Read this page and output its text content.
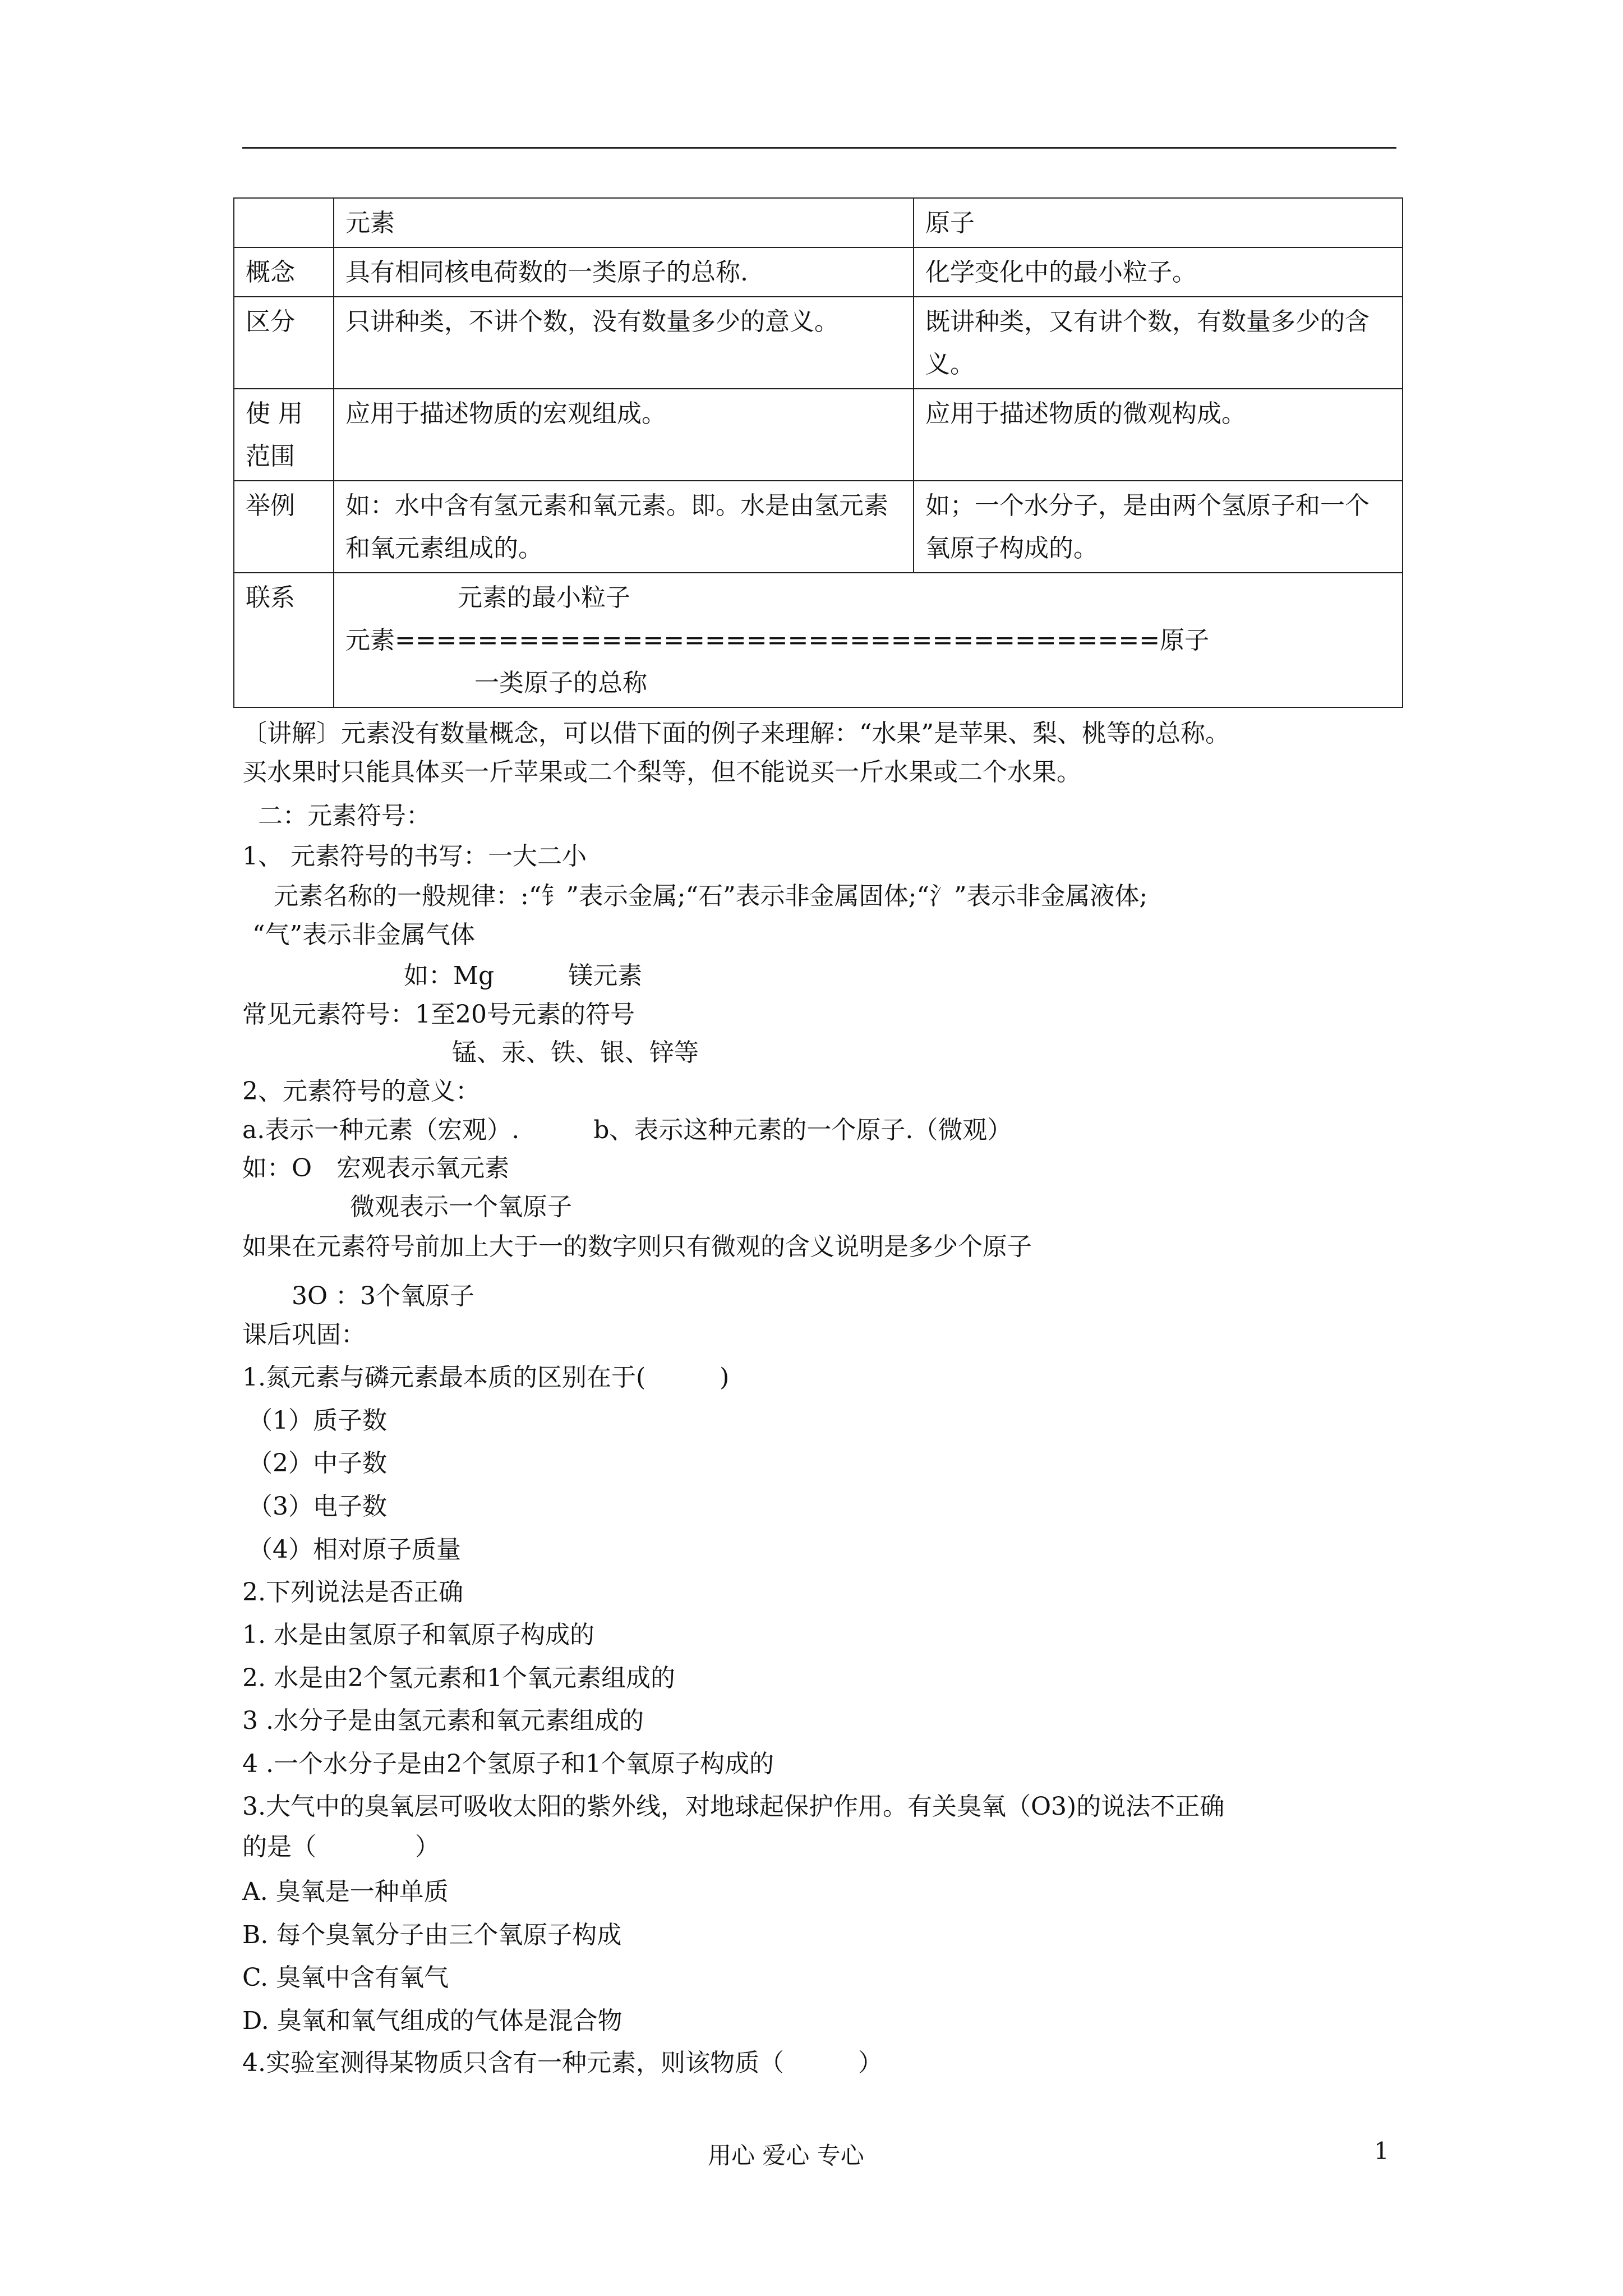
	元素	原子
概念	具有相同核电荷数的一类原子的总称.	化学变化中的最小粒子。
区分	只讲种类，不讲个数，没有数量多少的意义。	既讲种类，又有讲个数，有数量多少的含义。
使 用范围	应用于描述物质的宏观组成。	应用于描述物质的微观构成。
举例	如：水中含有氢元素和氧元素。即。水是由氢元素和氧元素组成的。	如；一个水分子，是由两个氢原子和一个氧原子构成的。
联系	元素的最小粒子
元素=====================================原子
一类原子的总称	
〔讲解〕元素没有数量概念，可以借下面的例子来理解：“水果”是苹果、梨、桃等的总称。
买水果时只能具体买一斤苹果或二个梨等，但不能说买一斤水果或二个水果。
二：元素符号：
1、 元素符号的书写：一大二小
元素名称的一般规律：:“钅”表示金属;“石”表示非金属固体;“氵”表示非金属液体;
“气”表示非金属气体
如：Mg　　　镁元素
常见元素符号：1至20号元素的符号
锰、汞、铁、银、锌等
2、元素符号的意义：
a.表示一种元素（宏观）.　　　b、表示这种元素的一个原子.（微观）
如：O　宏观表示氧元素
微观表示一个氧原子
如果在元素符号前加上大于一的数字则只有微观的含义说明是多少个原子
3O ：3个氧原子
课后巩固：
1.氮元素与磷元素最本质的区别在于(　　　)
（1）质子数
（2）中子数
（3）电子数
（4）相对原子质量
2.下列说法是否正确
1. 水是由氢原子和氧原子构成的
2. 水是由2个氢元素和1个氧元素组成的
3 .水分子是由氢元素和氧元素组成的
4 .一个水分子是由2个氢原子和1个氧原子构成的
3.大气中的臭氧层可吸收太阳的紫外线，对地球起保护作用。有关臭氧（O3)的说法不正确
的是（　　　　）
A. 臭氧是一种单质
B. 每个臭氧分子由三个氧原子构成
C. 臭氧中含有氧气
D. 臭氧和氧气组成的气体是混合物
4.实验室测得某物质只含有一种元素，则该物质（　　　）
用心 爱心 专心	1
